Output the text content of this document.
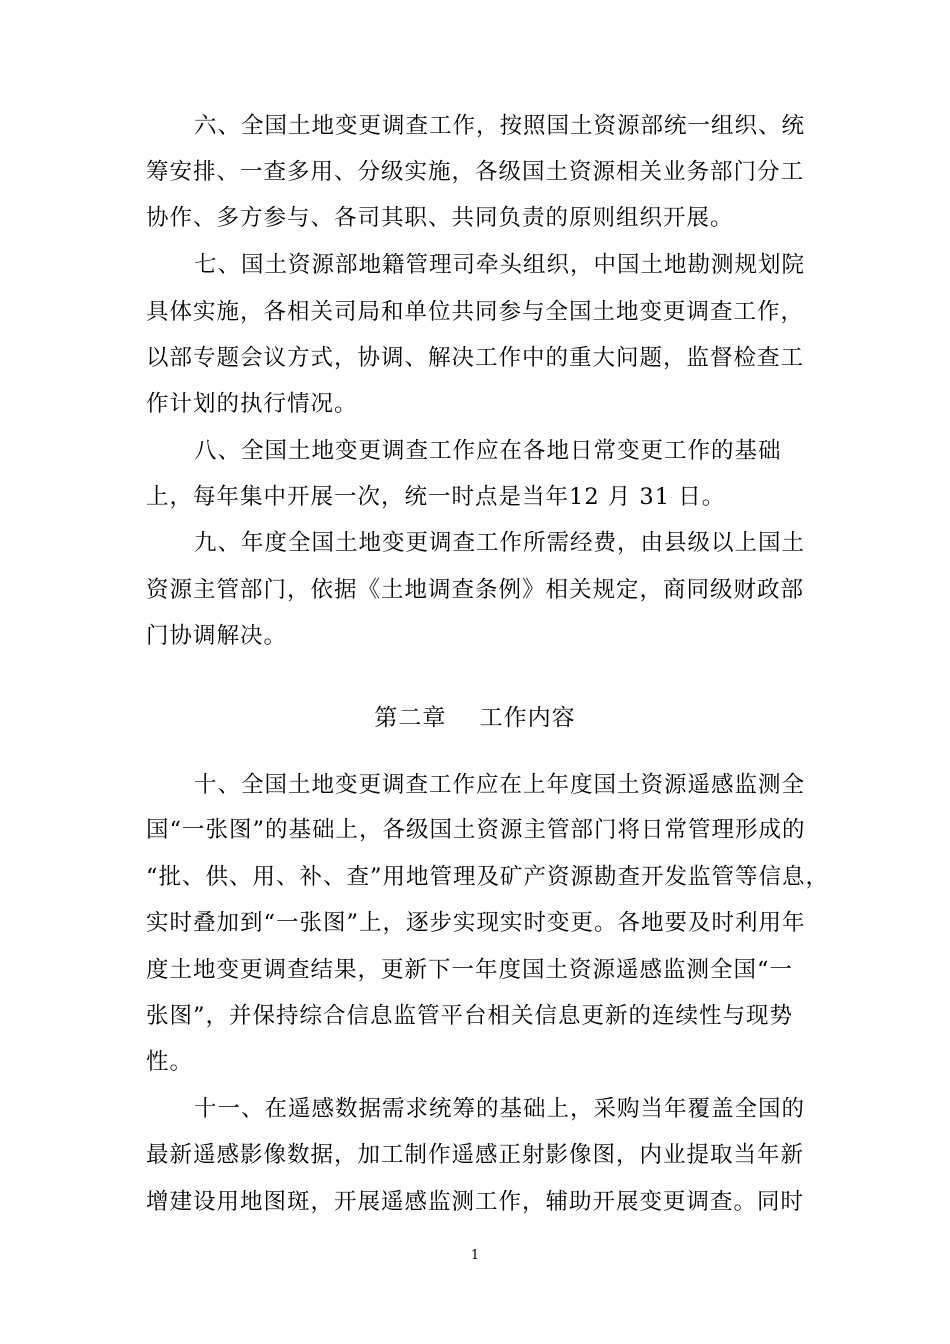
六、全国土地变更调查工作，按照国土资源部统一组织、统
筹安排、一查多用、分级实施，各级国土资源相关业务部门分工
协作、多方参与、各司其职、共同负责的原则组织开展。
七、国土资源部地籍管理司牵头组织，中国土地勘测规划院
具体实施，各相关司局和单位共同参与全国土地变更调查工作，
以部专题会议方式，协调、解决工作中的重大问题，监督检查工
作计划的执行情况。
八、全国土地变更调查工作应在各地日常变更工作的基础
上，每年集中开展一次，统一时点是当年12 月 31 日。
九、年度全国土地变更调查工作所需经费，由县级以上国土
资源主管部门，依据《土地调查条例》相关规定，商同级财政部
门协调解决。
第二章    工作内容
十、全国土地变更调查工作应在上年度国土资源遥感监测全
国“一张图”的基础上，各级国土资源主管部门将日常管理形成的
“批、供、用、补、查”用地管理及矿产资源勘查开发监管等信息，
实时叠加到“一张图”上，逐步实现实时变更。各地要及时利用年
度土地变更调查结果，更新下一年度国土资源遥感监测全国“一
张图”，并保持综合信息监管平台相关信息更新的连续性与现势
性。
十一、在遥感数据需求统筹的基础上，采购当年覆盖全国的
最新遥感影像数据，加工制作遥感正射影像图，内业提取当年新
增建设用地图斑，开展遥感监测工作，辅助开展变更调查。同时
1
